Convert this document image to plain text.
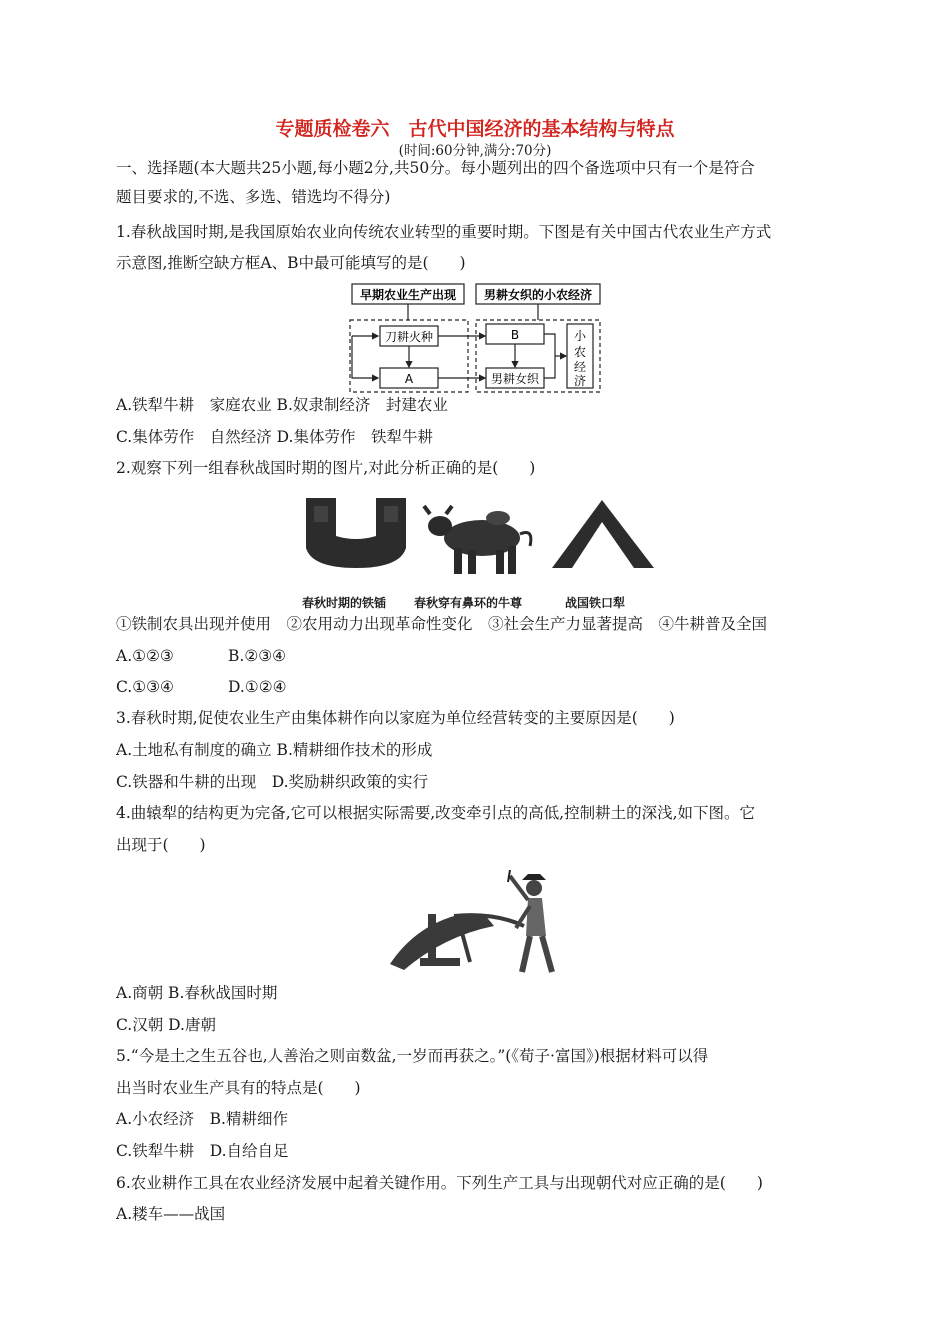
专题质检卷六　古代中国经济的基本结构与特点
(时间:60分钟,满分:70分)
一、选择题(本大题共25小题,每小题2分,共50分。每小题列出的四个备选项中只有一个是符合
题目要求的,不选、多选、错选均不得分)
1.春秋战国时期,是我国原始农业向传统农业转型的重要时期。下图是有关中国古代农业生产方式
示意图,推断空缺方框A、B中最可能填写的是(　　)
早期农业生产出现 男耕女织的小农经济
刀耕火种
A
B
男耕女织
小
农
经
济
A.铁犁牛耕　家庭农业 B.奴隶制经济　封建农业
C.集体劳作　自然经济 D.集体劳作　铁犁牛耕
2.观察下列一组春秋战国时期的图片,对此分析正确的是(　　)
春秋时期的铁锸 春秋穿有鼻环的牛尊	战国铁口犁
①铁制农具出现并使用　②农用动力出现革命性变化　③社会生产力显著提高　④牛耕普及全国
A.①②③	B.②③④
C.①③④	D.①②④
3.春秋时期,促使农业生产由集体耕作向以家庭为单位经营转变的主要原因是(　　)
A.土地私有制度的确立 B.精耕细作技术的形成
C.铁器和牛耕的出现　D.奖励耕织政策的实行
4.曲辕犁的结构更为完备,它可以根据实际需要,改变牵引点的高低,控制耕土的深浅,如下图。它
出现于(　　)
A.商朝 B.春秋战国时期
C.汉朝 D.唐朝
5.“今是土之生五谷也,人善治之则亩数盆,一岁而再获之。”(《荀子·富国》)根据材料可以得
出当时农业生产具有的特点是(　　)
A.小农经济　B.精耕细作
C.铁犁牛耕　D.自给自足
6.农业耕作工具在农业经济发展中起着关键作用。下列生产工具与出现朝代对应正确的是(　　)
A.耧车——战国
